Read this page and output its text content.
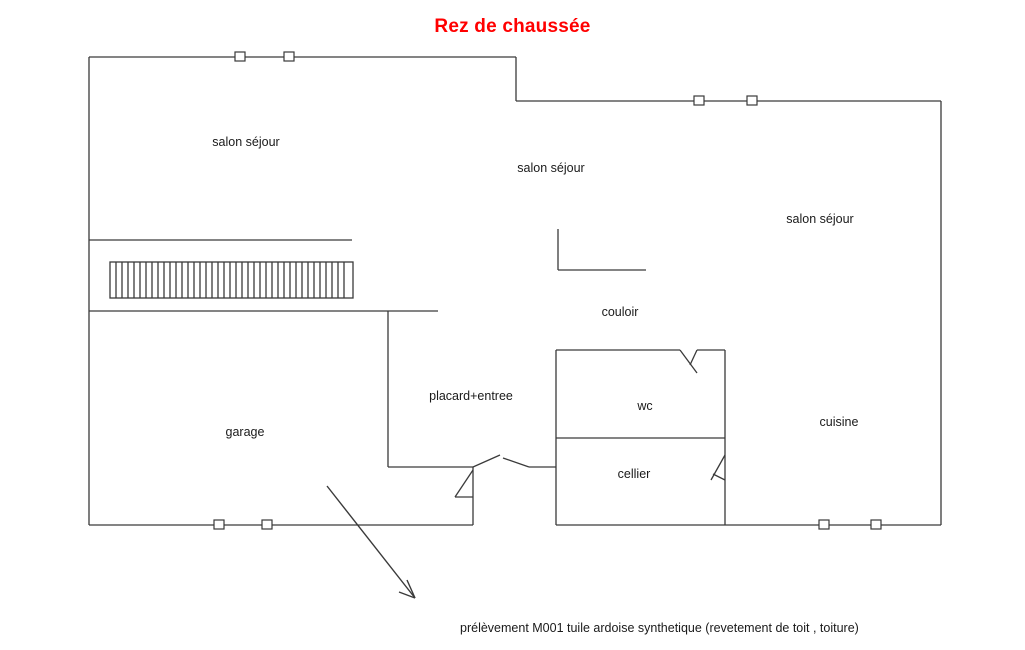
Rez de chaussée
salon séjour
salon séjour
salon séjour
couloir
placard+entree
wc
cuisine
cellier
garage
prélèvement M001 tuile ardoise synthetique (revetement de toit , toiture)
